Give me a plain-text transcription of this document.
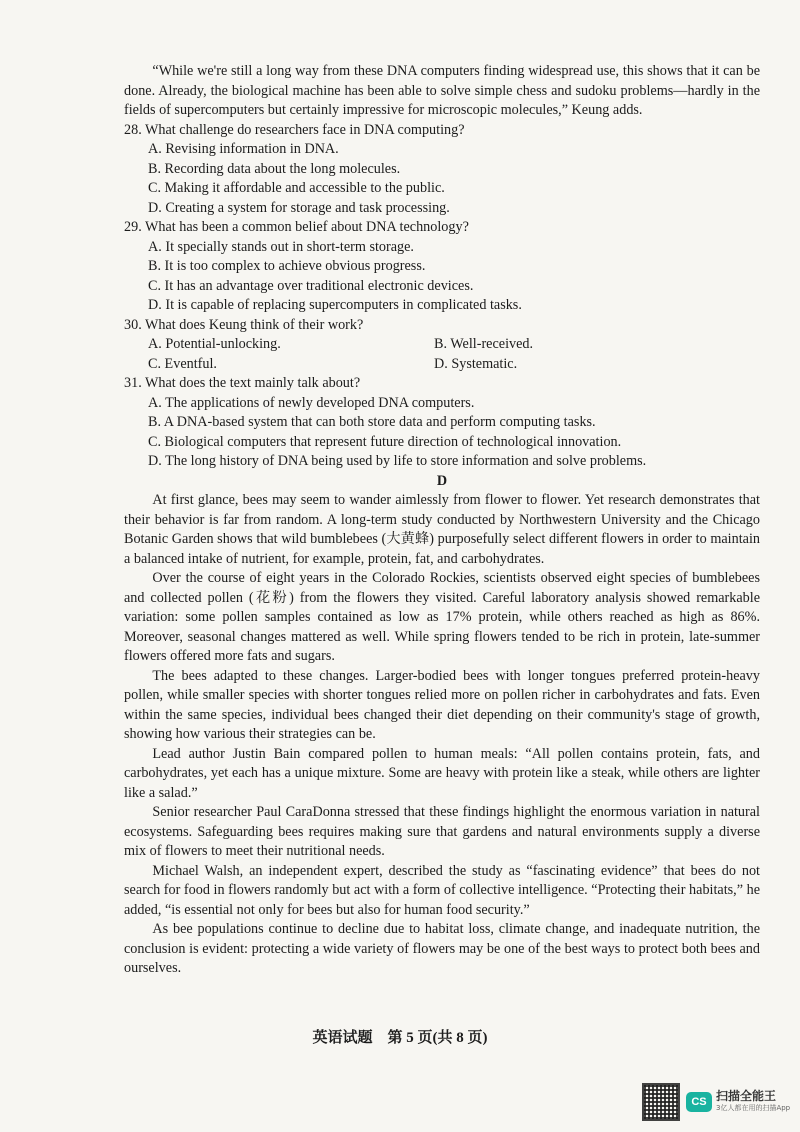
“While we're still a long way from these DNA computers finding widespread use, this shows that it can be done. Already, the biological machine has been able to solve simple chess and sudoku problems—hardly in the fields of supercomputers but certainly impressive for microscopic molecules,” Keung adds.

28. What challenge do researchers face in DNA computing?

A. Revising information in DNA.

B. Recording data about the long molecules.

C. Making it affordable and accessible to the public.

D. Creating a system for storage and task processing.

29. What has been a common belief about DNA technology?

A. It specially stands out in short-term storage.

B. It is too complex to achieve obvious progress.

C. It has an advantage over traditional electronic devices.

D. It is capable of replacing supercomputers in complicated tasks.

30. What does Keung think of their work?

A. Potential-unlocking.	B. Well-received.
C. Eventful.	D. Systematic.

31. What does the text mainly talk about?

A. The applications of newly developed DNA computers.

B. A DNA-based system that can both store data and perform computing tasks.

C. Biological computers that represent future direction of technological innovation.

D. The long history of DNA being used by life to store information and solve problems.

D

At first glance, bees may seem to wander aimlessly from flower to flower. Yet research demonstrates that their behavior is far from random. A long-term study conducted by Northwestern University and the Chicago Botanic Garden shows that wild bumblebees (大黄蜂) purposefully select different flowers in order to maintain a balanced intake of nutrient, for example, protein, fat, and carbohydrates.

Over the course of eight years in the Colorado Rockies, scientists observed eight species of bumblebees and collected pollen (花粉) from the flowers they visited. Careful laboratory analysis showed remarkable variation: some pollen samples contained as low as 17% protein, while others reached as high as 86%. Moreover, seasonal changes mattered as well. While spring flowers tended to be rich in protein, late-summer flowers offered more fats and sugars.

The bees adapted to these changes. Larger-bodied bees with longer tongues preferred protein-heavy pollen, while smaller species with shorter tongues relied more on pollen richer in carbohydrates and fats. Even within the same species, individual bees changed their diet depending on their community's stage of growth, showing how various their strategies can be.

Lead author Justin Bain compared pollen to human meals: “All pollen contains protein, fats, and carbohydrates, yet each has a unique mixture. Some are heavy with protein like a steak, while others are lighter like a salad.”

Senior researcher Paul CaraDonna stressed that these findings highlight the enormous variation in natural ecosystems. Safeguarding bees requires making sure that gardens and natural environments supply a diverse mix of flowers to meet their nutritional needs.

Michael Walsh, an independent expert, described the study as “fascinating evidence” that bees do not search for food in flowers randomly but act with a form of collective intelligence. “Protecting their habitats,” he added, “is essential not only for bees but also for human food security.”

As bee populations continue to decline due to habitat loss, climate change, and inadequate nutrition, the conclusion is evident: protecting a wide variety of flowers may be one of the best ways to protect both bees and ourselves.

英语试题　第 5 页(共 8 页)
CS 扫描全能王
3亿人都在用的扫描App
